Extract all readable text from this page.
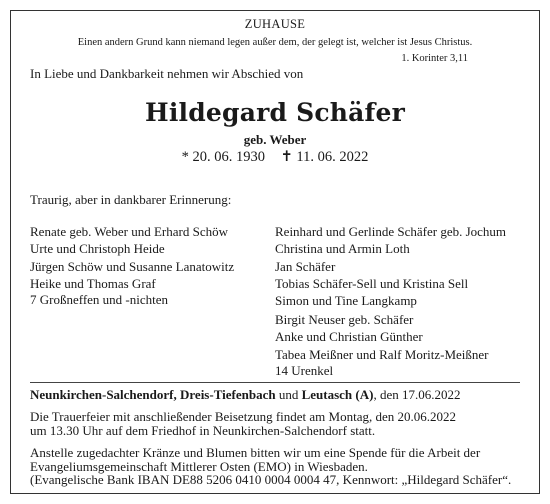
ZUHAUSE
Einen andern Grund kann niemand legen außer dem, der gelegt ist, welcher ist Jesus Christus.
1. Korinter 3,11
In Liebe und Dankbarkeit nehmen wir Abschied von
Hildegard Schäfer
geb. Weber
* 20. 06. 1930 ✝ 11. 06. 2022
Traurig, aber in dankbarer Erinnerung:
Renate geb. Weber und Erhard Schöw
Urte und Christoph Heide
Jürgen Schöw und Susanne Lanatowitz
Heike und Thomas Graf
7 Großneffen und -nichten
Reinhard und Gerlinde Schäfer geb. Jochum
Christina und Armin Loth
Jan Schäfer
Tobias Schäfer-Sell und Kristina Sell
Simon und Tine Langkamp
Birgit Neuser geb. Schäfer
Anke und Christian Günther
Tabea Meißner und Ralf Moritz-Meißner
14 Urenkel
Neunkirchen-Salchendorf, Dreis-Tiefenbach und Leutasch (A), den 17.06.2022
Die Trauerfeier mit anschließender Beisetzung findet am Montag, den 20.06.2022
um 13.30 Uhr auf dem Friedhof in Neunkirchen-Salchendorf statt.
Anstelle zugedachter Kränze und Blumen bitten wir um eine Spende für die Arbeit der
Evangeliumsgemeinschaft Mittlerer Osten (EMO) in Wiesbaden.
(Evangelische Bank IBAN DE88 5206 0410 0004 0004 47, Kennwort: „Hildegard Schäfer“.
